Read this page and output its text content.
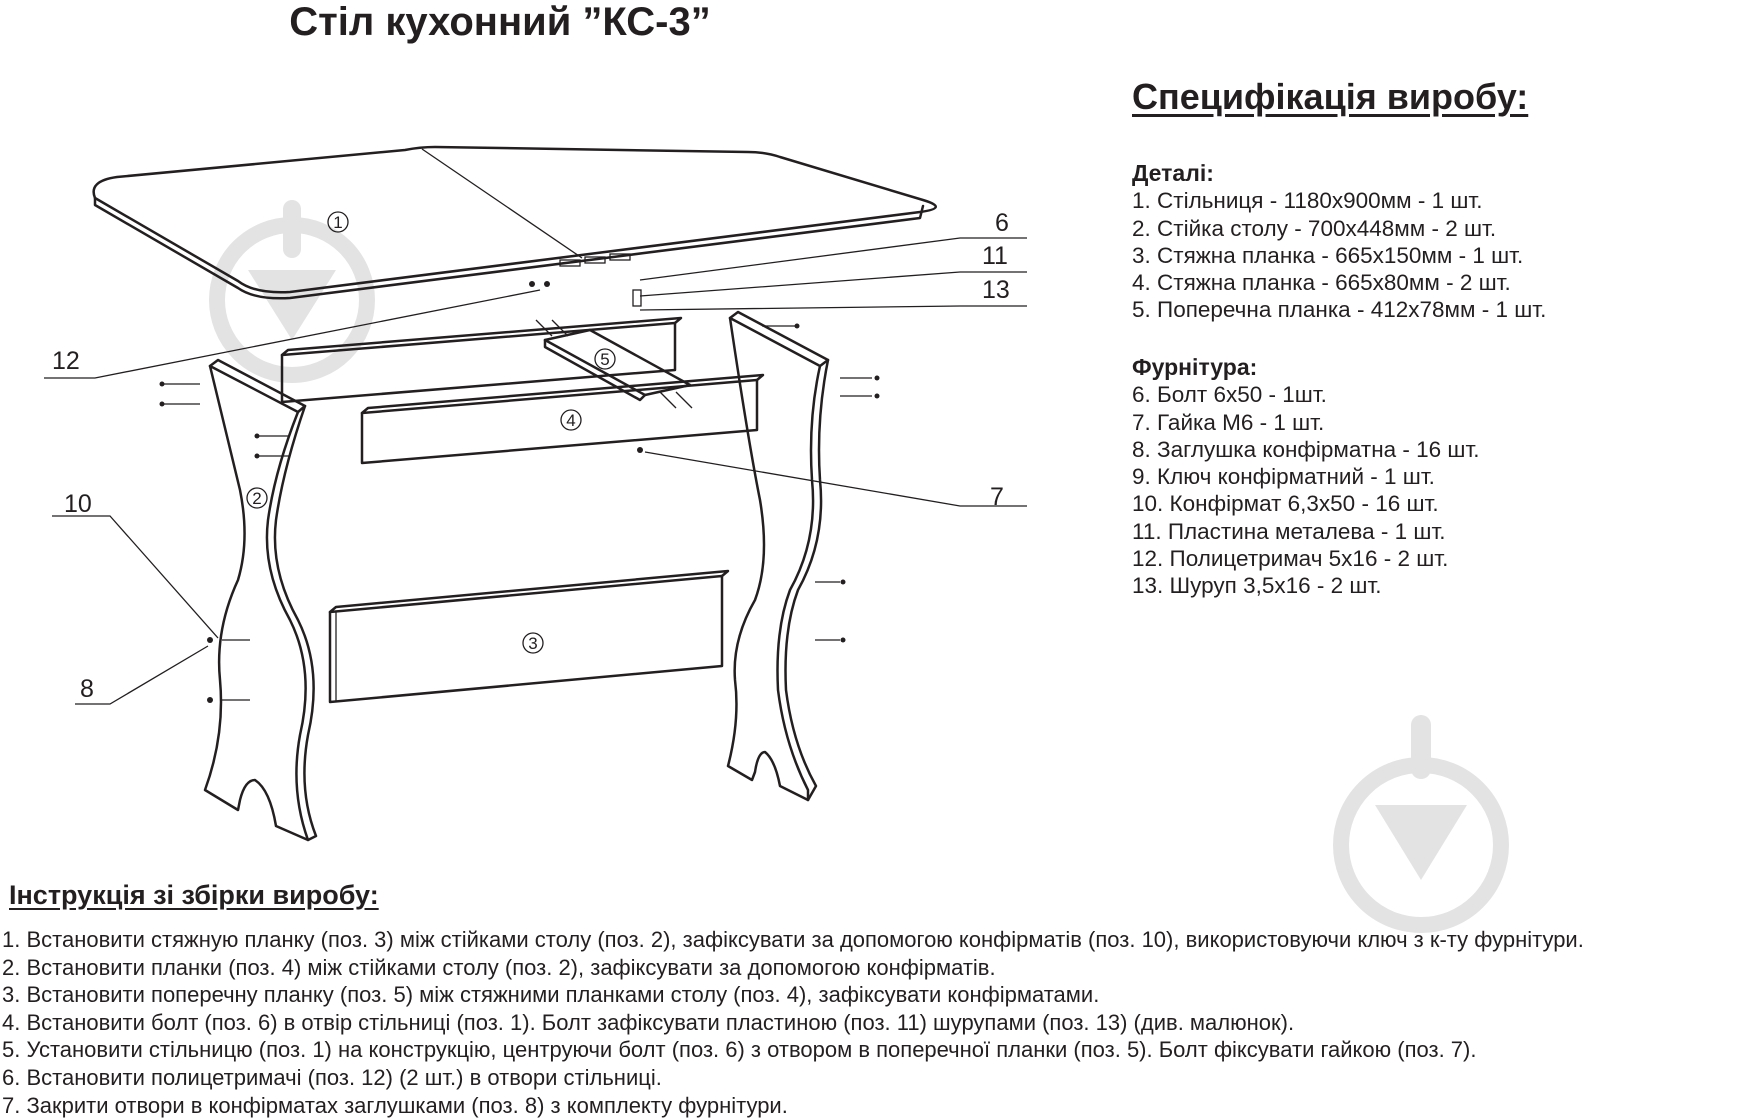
Стіл кухонний ”КС-3”
1
2
3
4
5
6
11
13
12
7
10
8
Специфікація виробу:
Деталі:
1. Стільниця - 1180х900мм - 1 шт.
2. Стійка столу - 700х448мм - 2 шт.
3. Стяжна планка - 665х150мм - 1 шт.
4. Стяжна планка - 665х80мм - 2 шт.
5. Поперечна планка - 412х78мм - 1 шт.
Фурнітура:
6. Болт 6х50 - 1шт.
7. Гайка М6 - 1 шт.
8. Заглушка конфірматна - 16 шт.
9. Ключ конфірматний - 1 шт.
10. Конфірмат 6,3х50 - 16 шт.
11. Пластина металева - 1 шт.
12. Полицетримач 5х16 - 2 шт.
13. Шуруп 3,5х16 - 2 шт.
Інструкція зі збірки виробу:
1. Встановити стяжную планку (поз. 3) між стійками столу (поз. 2), зафіксувати за допомогою конфірматів (поз. 10), використовуючи ключ з к-ту фурнітури.
2. Встановити планки (поз. 4) між стійками столу (поз. 2), зафіксувати за допомогою конфірматів.
3. Встановити поперечну планку (поз. 5) між стяжними планками столу (поз. 4), зафіксувати конфірматами.
4. Встановити болт (поз. 6) в отвір стільниці (поз. 1). Болт зафіксувати пластиною (поз. 11) шурупами (поз. 13) (див. малюнок).
5. Установити стільницю (поз. 1) на конструкцію, центруючи болт (поз. 6) з отвором в поперечної планки (поз. 5). Болт фіксувати гайкою (поз. 7).
6. Встановити полицетримачі (поз. 12) (2 шт.) в отвори стільниці.
7. Закрити отвори в конфірматах заглушками (поз. 8) з комплекту фурнітури.
